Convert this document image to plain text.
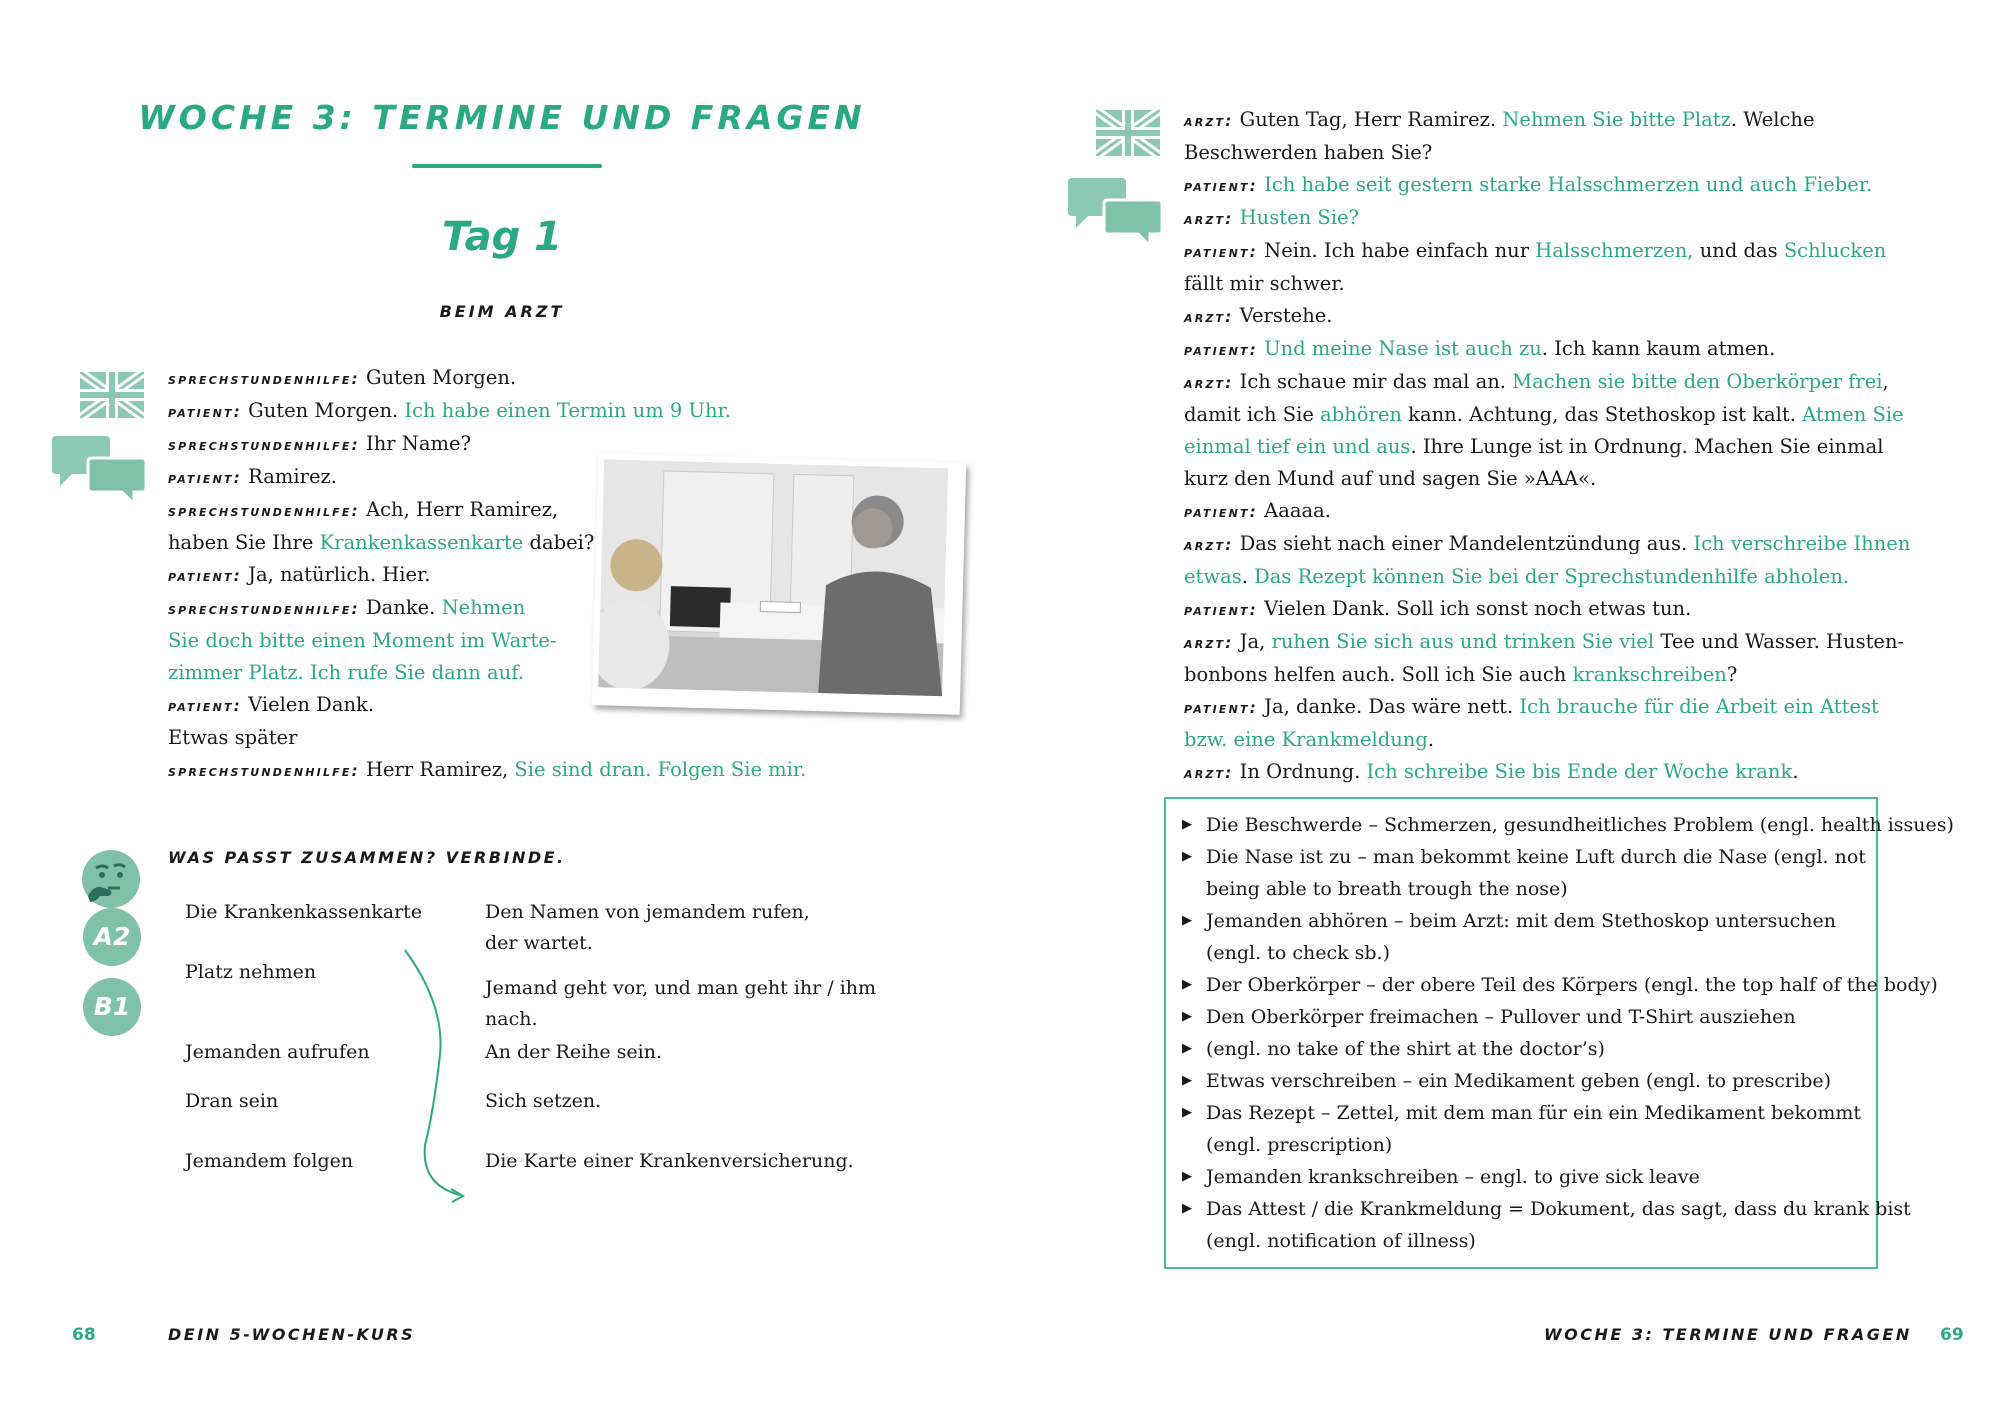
WOCHE 3: TERMINE UND FRAGEN
Tag 1
BEIM ARZT
sprechstundenhilfe: Guten Morgen.
patient: Guten Morgen. Ich habe einen Termin um 9 Uhr.
sprechstundenhilfe: Ihr Name?
patient: Ramirez.
sprechstundenhilfe: Ach, Herr Ramirez,
haben Sie Ihre Krankenkassenkarte dabei?
patient: Ja, natürlich. Hier.
sprechstundenhilfe: Danke. Nehmen
Sie doch bitte einen Moment im Warte-
zimmer Platz. Ich rufe Sie dann auf.
patient: Vielen Dank.
Etwas später
sprechstundenhilfe: Herr Ramirez, Sie sind dran. Folgen Sie mir.
WAS PASST ZUSAMMEN? VERBINDE.
A2
B1
Die Krankenkassenkarte
Platz nehmen
Jemanden aufrufen
Dran sein
Jemandem folgen
Den Namen von jemandem rufen,
der wartet.
Jemand geht vor, und man geht ihr / ihm
nach.
An der Reihe sein.
Sich setzen.
Die Karte einer Krankenversicherung.
68	DEIN 5-WOCHEN-KURS
arzt: Guten Tag, Herr Ramirez. Nehmen Sie bitte Platz. Welche
Beschwerden haben Sie?
patient: Ich habe seit gestern starke Halsschmerzen und auch Fieber.
arzt: Husten Sie?
patient: Nein. Ich habe einfach nur Halsschmerzen, und das Schlucken
fällt mir schwer.
arzt: Verstehe.
patient: Und meine Nase ist auch zu. Ich kann kaum atmen.
arzt: Ich schaue mir das mal an. Machen sie bitte den Oberkörper frei,
damit ich Sie abhören kann. Achtung, das Stethoskop ist kalt. Atmen Sie
einmal tief ein und aus. Ihre Lunge ist in Ordnung. Machen Sie einmal
kurz den Mund auf und sagen Sie »AAA«.
patient: Aaaaa.
arzt: Das sieht nach einer Mandelentzündung aus. Ich verschreibe Ihnen
etwas. Das Rezept können Sie bei der Sprechstundenhilfe abholen.
patient: Vielen Dank. Soll ich sonst noch etwas tun.
arzt: Ja, ruhen Sie sich aus und trinken Sie viel Tee und Wasser. Husten-
bonbons helfen auch. Soll ich Sie auch krankschreiben?
patient: Ja, danke. Das wäre nett. Ich brauche für die Arbeit ein Attest
bzw. eine Krankmeldung.
arzt: In Ordnung. Ich schreibe Sie bis Ende der Woche krank.
▶ Die Beschwerde – Schmerzen, gesundheitliches Problem (engl. health issues)
▶ Die Nase ist zu – man bekommt keine Luft durch die Nase (engl. not
being able to breath trough the nose)
▶ Jemanden abhören – beim Arzt: mit dem Stethoskop untersuchen
(engl. to check sb.)
▶ Der Oberkörper – der obere Teil des Körpers (engl. the top half of the body)
▶ Den Oberkörper freimachen – Pullover und T-Shirt ausziehen
▶ (engl. no take of the shirt at the doctor’s)
▶ Etwas verschreiben – ein Medikament geben (engl. to prescribe)
▶ Das Rezept – Zettel, mit dem man für ein ein Medikament bekommt
(engl. prescription)
▶ Jemanden krankschreiben – engl. to give sick leave
▶ Das Attest / die Krankmeldung = Dokument, das sagt, dass du krank bist
(engl. notification of illness)
WOCHE 3: TERMINE UND FRAGEN 69
